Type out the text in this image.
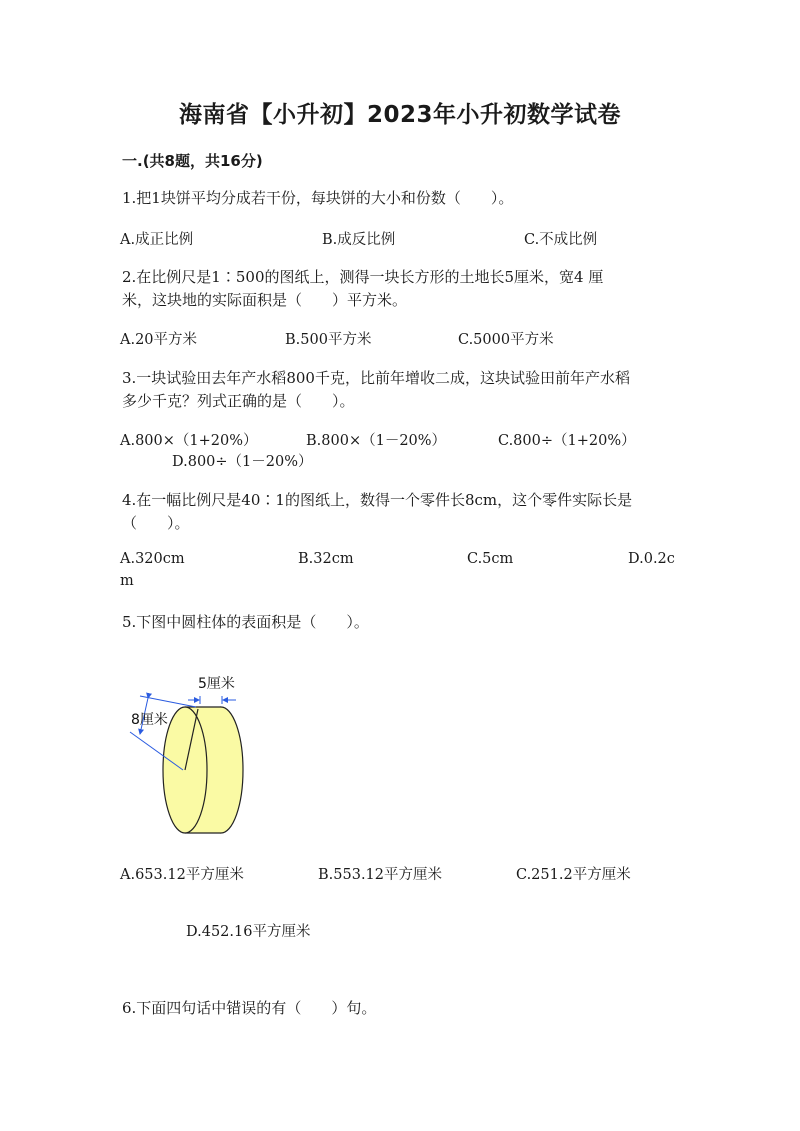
海南省【小升初】2023年小升初数学试卷
一.(共8题，共16分)
1.把1块饼平均分成若干份，每块饼的大小和份数（　　）。
A.成正比例	B.成反比例	C.不成比例
2.在比例尺是1∶500的图纸上，测得一块长方形的土地长5厘米，宽4 厘
米，这块地的实际面积是（　　）平方米。
A.20平方米	B.500平方米	C.5000平方米
3.一块试验田去年产水稻800千克，比前年增收二成，这块试验田前年产水稻
多少千克？列式正确的是（　　）。
A.800×（1+20%）	B.800×（1－20%）	C.800÷（1+20%）
D.800÷（1－20%）
4.在一幅比例尺是40∶1的图纸上，数得一个零件长8cm，这个零件实际长是
（　　）。
A.320cm	B.32cm	C.5cm	D.0.2c
m
5.下图中圆柱体的表面积是（　　）。
5厘米
8厘米
A.653.12平方厘米	B.553.12平方厘米	C.251.2平方厘米
D.452.16平方厘米
6.下面四句话中错误的有（　　）句。
